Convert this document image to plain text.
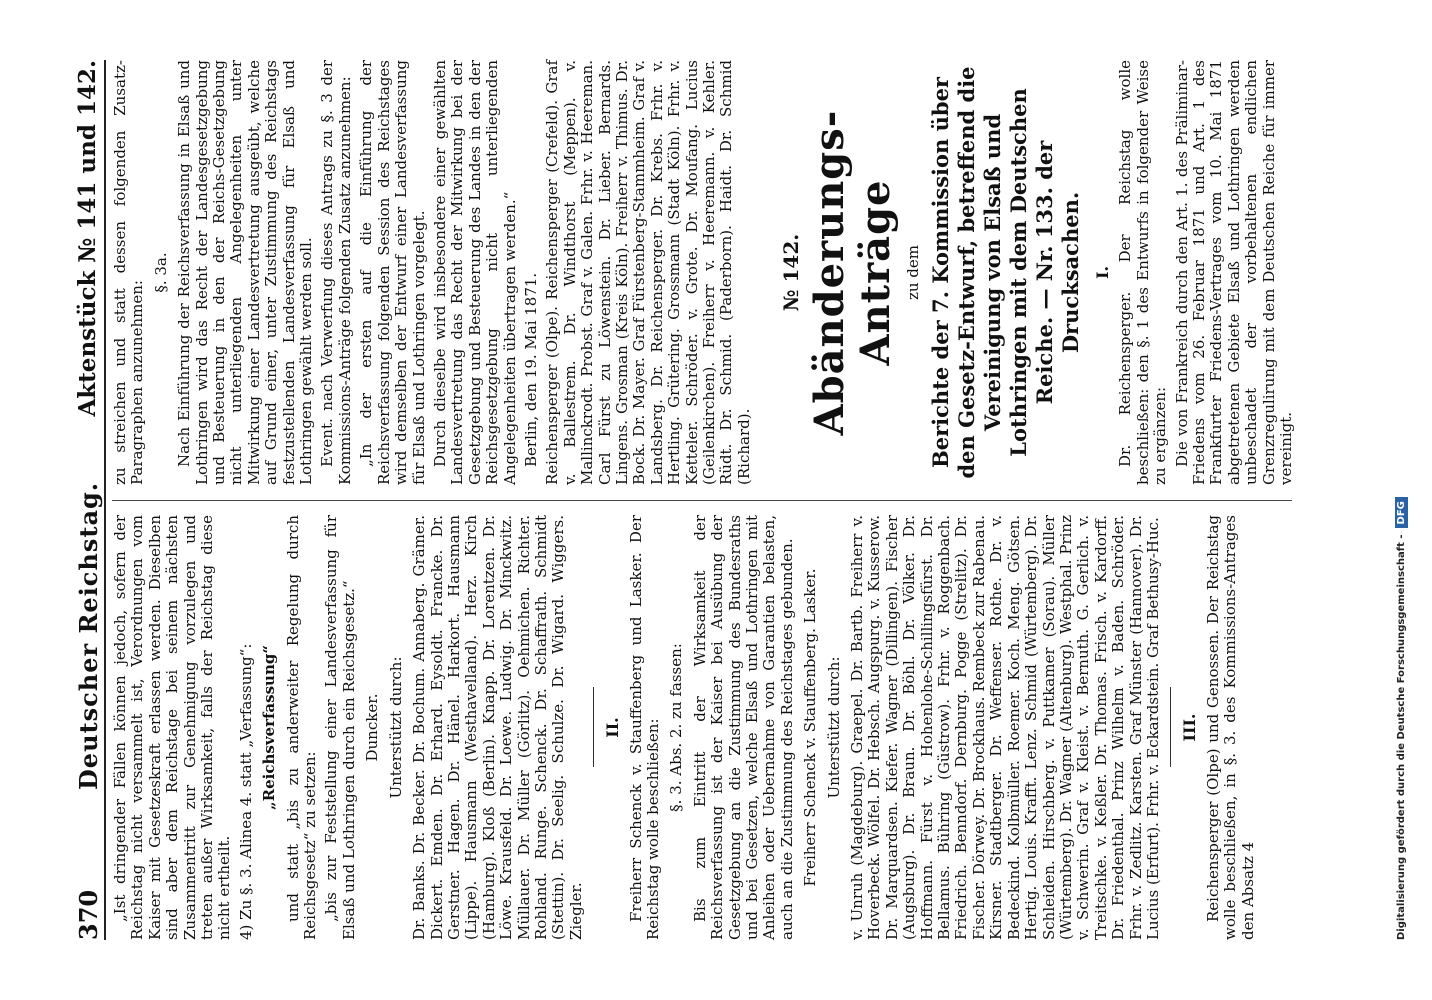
370
Deutscher Reichstag.
Aktenstück № 141 und 142.

„Ist dringender Fällen können jedoch, sofern der Reichstag nicht versammelt ist, Verordnungen vom Kaiser mit Gesetzeskraft erlassen werden. Dieselben sind aber dem Reichstage bei seinem nächsten Zusammentritt zur Genehmigung vorzulegen und treten außer Wirksamkeit, falls der Reichstag diese nicht ertheilt. 4) Zu §. 3. Alinea 4. statt „Verfassung“: „Reichsverfassung“ und statt „bis zu anderweiter Regelung durch Reichsgesetz“ zu setzen: „bis zur Feststellung einer Landesverfassung für Elsaß und Lothringen durch ein Reichsgesetz.“ Duncker. Unterstützt durch: Dr. Banks. Dr. Becker. Dr. Bochum. Annaberg. Grämer. Dickert. Emden. Dr. Erhard. Eysoldt. Francke. Dr. Gerstner. Hagen. Dr. Hänel. Harkort. Hausmann (Lippe). Hausmann (Westhavelland). Herz. Kirch (Hamburg). Kloß (Berlin). Knapp. Dr. Lorentzen. Dr. Löwe. Krausfeld. Dr. Loewe. Ludwig. Dr. Minckwitz. Müllauer. Dr. Müller (Görlitz). Oehmichen. Richter. Rohland. Runge. Schenck. Dr. Schaffrath. Schmidt (Stettin). Dr. Seelig. Schulze. Dr. Wigard. Wiggers. Ziegler.

II. Freiherr Schenck v. Stauffenberg und Lasker. Der Reichstag wolle beschließen: §. 3. Abs. 2. zu fassen: Bis zum Eintritt der Wirksamkeit der Reichsverfassung ist der Kaiser bei Ausübung der Gesetzgebung an die Zustimmung des Bundesraths und bei Gesetzen, welche Elsaß und Lothringen mit Anleihen oder Uebernahme von Garantien belasten, auch an die Zustimmung des Reichstages gebunden. Freiherr Schenck v. Stauffenberg. Lasker. Unterstützt durch: v. Unruh (Magdeburg). Graepel. Dr. Bartb. Freiherr v. Hoverbeck. Wölfel. Dr. Hebsch. Augspurg. v. Kusserow. Dr. Marquardsen. Kiefer. Wagner (Dillingen). Fischer (Augsburg). Dr. Braun. Dr. Böhl. Dr. Völker. Dr. Hoffmann. Fürst v. Hohenlohe-Schillingsfürst. Dr. Bellamus. Bühring (Güstrow). Frhr. v. Roggenbach. Friedrich. Benndorf. Dernburg. Pogge (Strelitz). Dr. Fischer. Dörwey. Dr. Brockhaus. Rembeck zur Rabenau. Kirsner. Stadtberger. Dr. Weffenser. Rothe. Dr. v. Bedeckind. Kolbmüller. Roemer. Koch. Meng. Götsen. Hertig. Louis. Krafft. Lenz. Schmid (Würtemberg). Dr. Schleiden. Hirschberg. v. Puttkamer (Sorau). Müller (Würtemberg). Dr. Wagner (Altenburg). Westphal. Prinz v. Schwerin. Graf v. Kleist. v. Bernuth. G. Gerlich. v. Treitschke. v. Keßler. Dr. Thomas. Frisch. v. Kardorff. Dr. Friedenthal. Prinz Wilhelm v. Baden. Schröder. Frhr. v. Zedlitz. Karsten. Graf Münster (Hannover). Dr. Lucius (Erfurt). Frhr. v. Eckardstein. Graf Bethusy-Huc. III. Reichensperger (Olpe) und Genossen. Der Reichstag wolle beschließen, in §. 3. des Kommissions-Antrages den Absatz 4

zu streichen und statt dessen folgenden Zusatz-Paragraphen anzunehmen:

§. 3a. Nach Einführung der Reichsverfassung in Elsaß und Lothringen wird das Recht der Landesgesetzgebung und Besteuerung in den der Reichs-Gesetzgebung nicht unterliegenden Angelegenheiten unter Mitwirkung einer Landesvertretung ausgeübt, welche auf Grund einer, unter Zustimmung des Reichstags festzustellenden Landesverfassung für Elsaß und Lothringen gewählt werden soll. Event. nach Verwerfung dieses Antrags zu §. 3 der Kommissions-Anträge folgenden Zusatz anzunehmen: „In der ersten auf die Einführung der Reichsverfassung folgenden Session des Reichstages wird demselben der Entwurf einer Landesverfassung für Elsaß und Lothringen vorgelegt. Durch dieselbe wird insbesondere einer gewählten Landesvertretung das Recht der Mitwirkung bei der Gesetzgebung und Besteuerung des Landes in den der Reichsgesetzgebung nicht unterliegenden Angelegenheiten übertragen werden.“ Berlin, den 19. Mai 1871. Reichensperger (Olpe). Reichensperger (Crefeld). Graf v. Ballestrem. Dr. Windthorst (Meppen). v. Mallinckrodt. Probst. Graf v. Galen. Frhr. v. Heereman. Carl Fürst zu Löwenstein. Dr. Lieber. Bernards. Lingens. Grosman (Kreis Köln). Freiherr v. Thimus. Dr. Bock. Dr. Mayer. Graf Fürstenberg-Stammheim. Graf v. Landsberg. Dr. Reichensperger. Dr. Krebs. Frhr. v. Hertling. Grütering. Grossmann (Stadt Köln). Frhr. v. Ketteler. Schröder. v. Grote. Dr. Moufang. Lucius (Geilenkirchen). Freiherr v. Heeremann. v. Kehler. Rüdt. Dr. Schmid. (Paderborn). Haidt. Dr. Schmid (Richard).

№ 142. Abänderungs-Anträge zu dem Berichte der 7. Kommission über den Gesetz-Entwurf, betreffend die Vereinigung von Elsaß und Lothringen mit dem Deutschen Reiche. — Nr. 133. der Drucksachen. I. Dr. Reichensperger. Der Reichstag wolle beschließen: den §. 1 des Entwurfs in folgender Weise zu ergänzen: Die von Frankreich durch den Art. 1. des Präliminar-Friedens vom 26. Februar 1871 und Art. 1 des Frankfurter Friedens-Vertrages vom 10. Mai 1871 abgetretenen Gebiete Elsaß und Lothringen werden unbeschadet der vorbehaltenen endlichen Grenzregulirung mit dem Deutschen Reiche für immer vereinigt.

Digitalisierung gefördert durch die Deutsche Forschungsgemeinschaft -DFG
